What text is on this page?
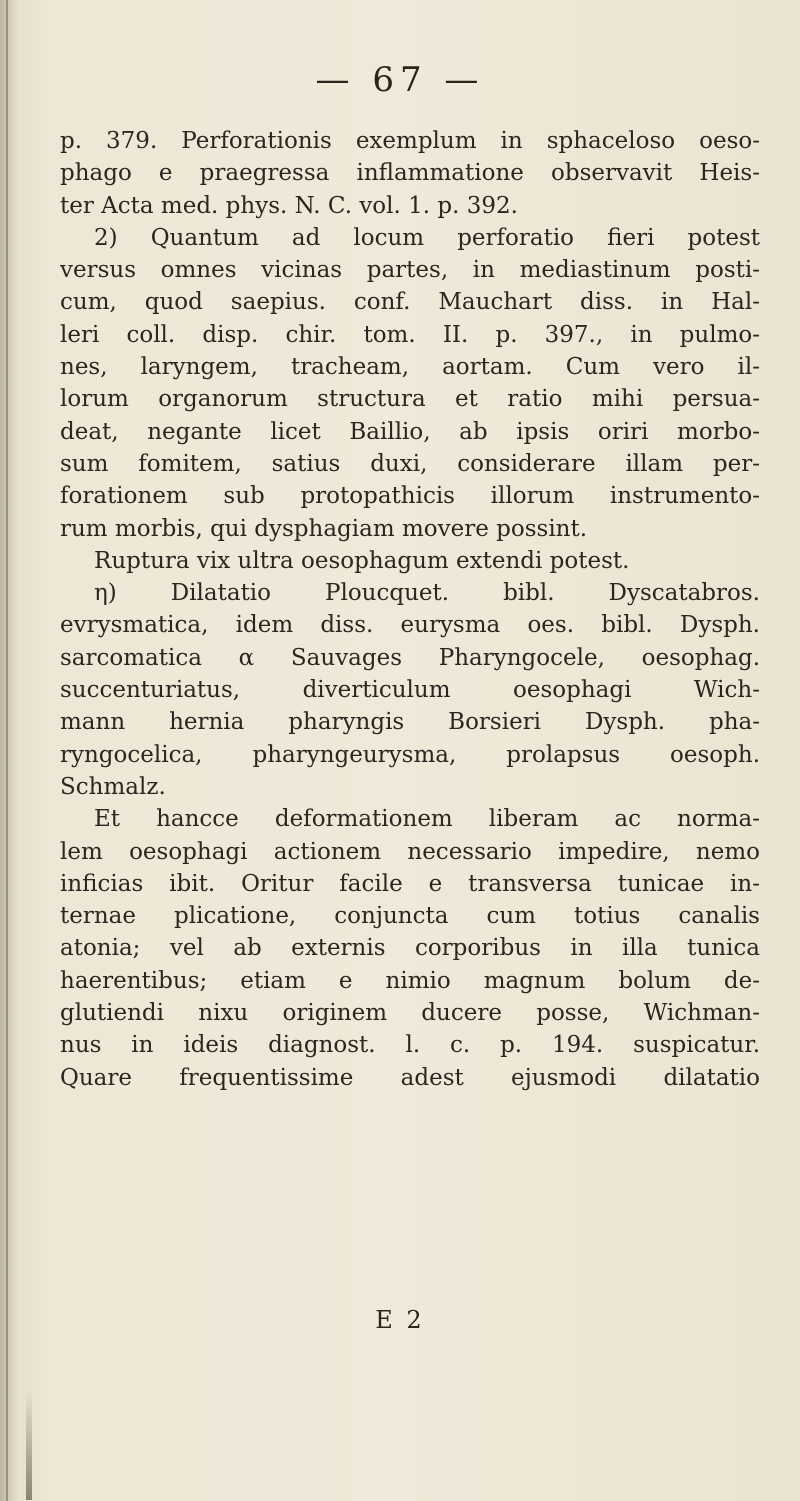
— 67 —
p. 379. Perforationis exemplum in sphaceloso oeso-
phago e praegressa inflammatione observavit Heis-
ter Acta med. phys. N. C. vol. 1. p. 392.
2) Quantum ad locum perforatio fieri potest
versus omnes vicinas partes, in mediastinum posti-
cum, quod saepius. conf. Mauchart diss. in Hal-
leri coll. disp. chir. tom. II. p. 397., in pulmo-
nes, laryngem, tracheam, aortam. Cum vero il-
lorum organorum structura et ratio mihi persua-
deat, negante licet Baillio, ab ipsis oriri morbo-
sum fomitem, satius duxi, considerare illam per-
forationem sub protopathicis illorum instrumento-
rum morbis, qui dysphagiam movere possint.
Ruptura vix ultra oesophagum extendi potest.
η) Dilatatio Ploucquet. bibl. Dyscatabros.
evrysmatica, idem diss. eurysma oes. bibl. Dysph.
sarcomatica α Sauvages Pharyngocele, oesophag.
succenturiatus, diverticulum oesophagi Wich-
mann hernia pharyngis Borsieri Dysph. pha-
ryngocelica, pharyngeurysma, prolapsus oesoph.
Schmalz.
Et hancce deformationem liberam ac norma-
lem oesophagi actionem necessario impedire, nemo
inficias ibit. Oritur facile e transversa tunicae in-
ternae plicatione, conjuncta cum totius canalis
atonia; vel ab externis corporibus in illa tunica
haerentibus; etiam e nimio magnum bolum de-
glutiendi nixu originem ducere posse, Wichman-
nus in ideis diagnost. l. c. p. 194. suspicatur.
Quare frequentissime adest ejusmodi dilatatio
E 2
